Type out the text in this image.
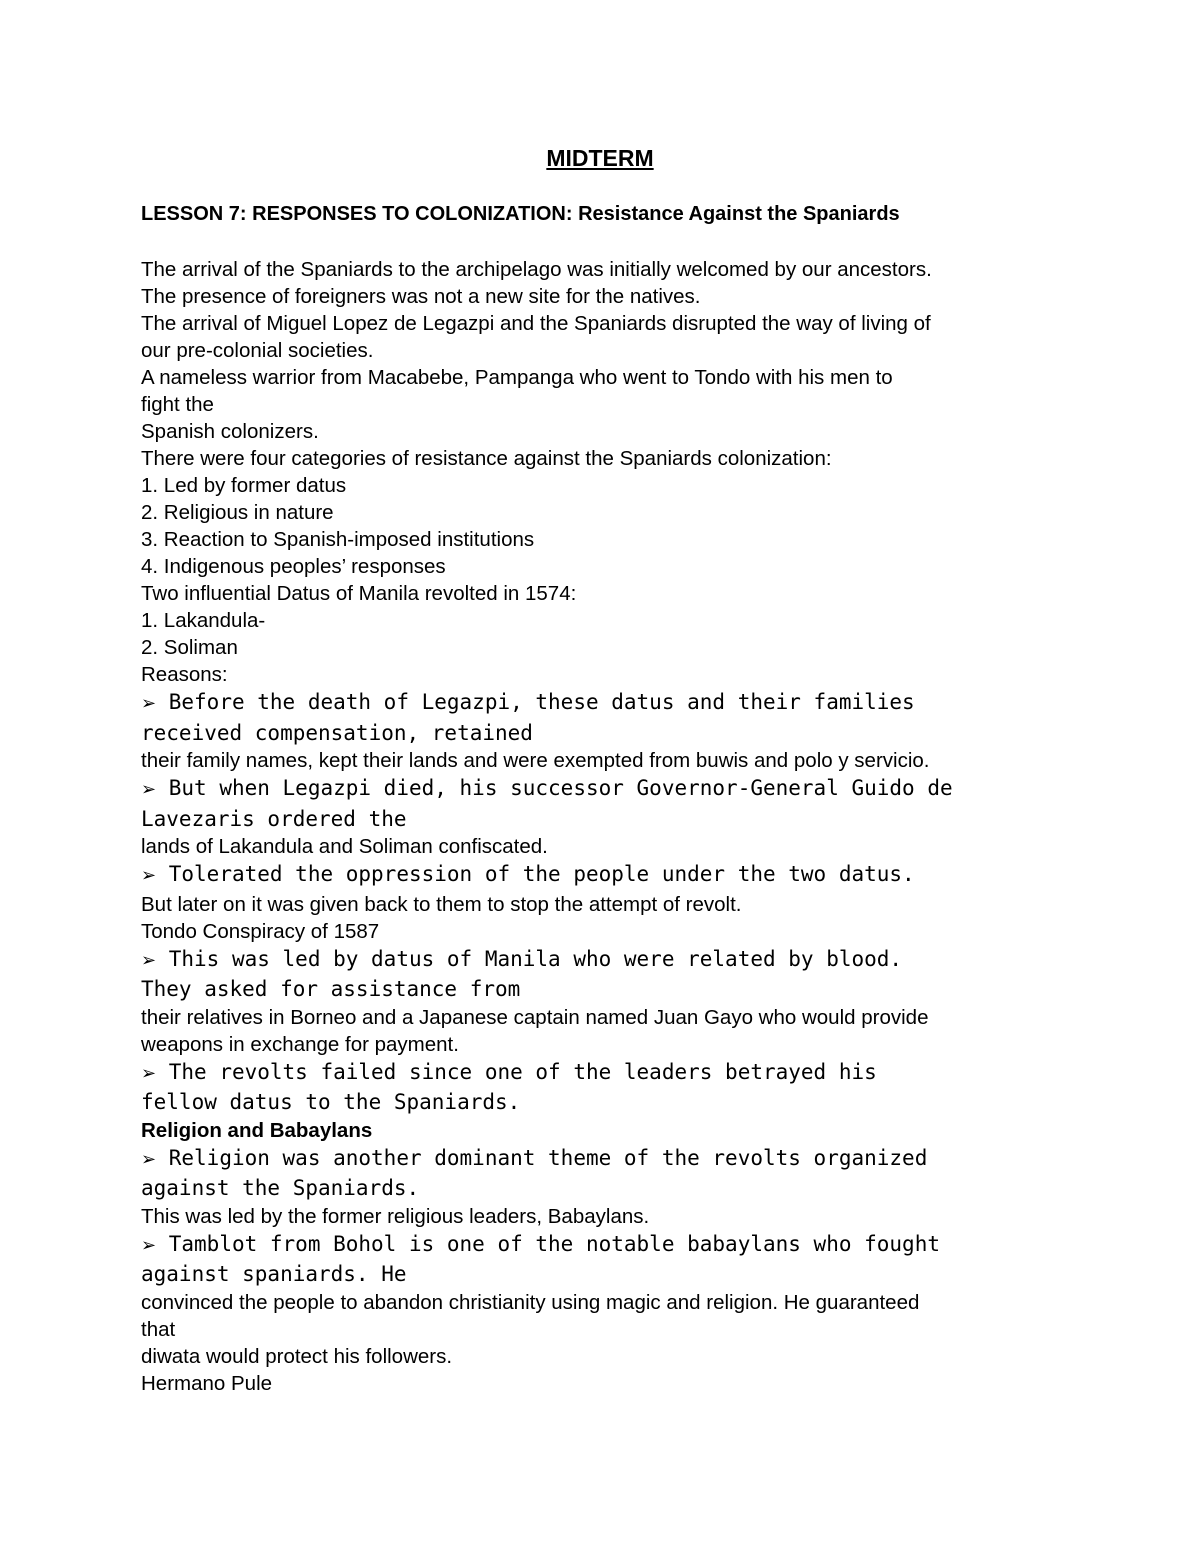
MIDTERM
LESSON 7: RESPONSES TO COLONIZATION: Resistance Against the Spaniards

The arrival of the Spaniards to the archipelago was initially welcomed by our ancestors.

The presence of foreigners was not a new site for the natives.

The arrival of Miguel Lopez de Legazpi and the Spaniards disrupted the way of living of

our pre-colonial societies.

A nameless warrior from Macabebe, Pampanga who went to Tondo with his men to

fight the

Spanish colonizers.

There were four categories of resistance against the Spaniards colonization:

1. Led by former datus

2. Religious in nature

3. Reaction to Spanish-imposed institutions

4. Indigenous peoples’ responses

Two influential Datus of Manila revolted in 1574:

1. Lakandula-

2. Soliman

Reasons:

➢ Before the death of Legazpi, these datus and their families

received compensation, retained

their family names, kept their lands and were exempted from buwis and polo y servicio.

➢ But when Legazpi died, his successor Governor-General Guido de

Lavezaris ordered the

lands of Lakandula and Soliman confiscated.

➢ Tolerated the oppression of the people under the two datus.

But later on it was given back to them to stop the attempt of revolt.

Tondo Conspiracy of 1587

➢ This was led by datus of Manila who were related by blood.

They asked for assistance from

their relatives in Borneo and a Japanese captain named Juan Gayo who would provide

weapons in exchange for payment.

➢ The revolts failed since one of the leaders betrayed his

fellow datus to the Spaniards.

Religion and Babaylans

➢ Religion was another dominant theme of the revolts organized

against the Spaniards.

This was led by the former religious leaders, Babaylans.

➢ Tamblot from Bohol is one of the notable babaylans who fought

against spaniards. He

convinced the people to abandon christianity using magic and religion. He guaranteed

that

diwata would protect his followers.

Hermano Pule
